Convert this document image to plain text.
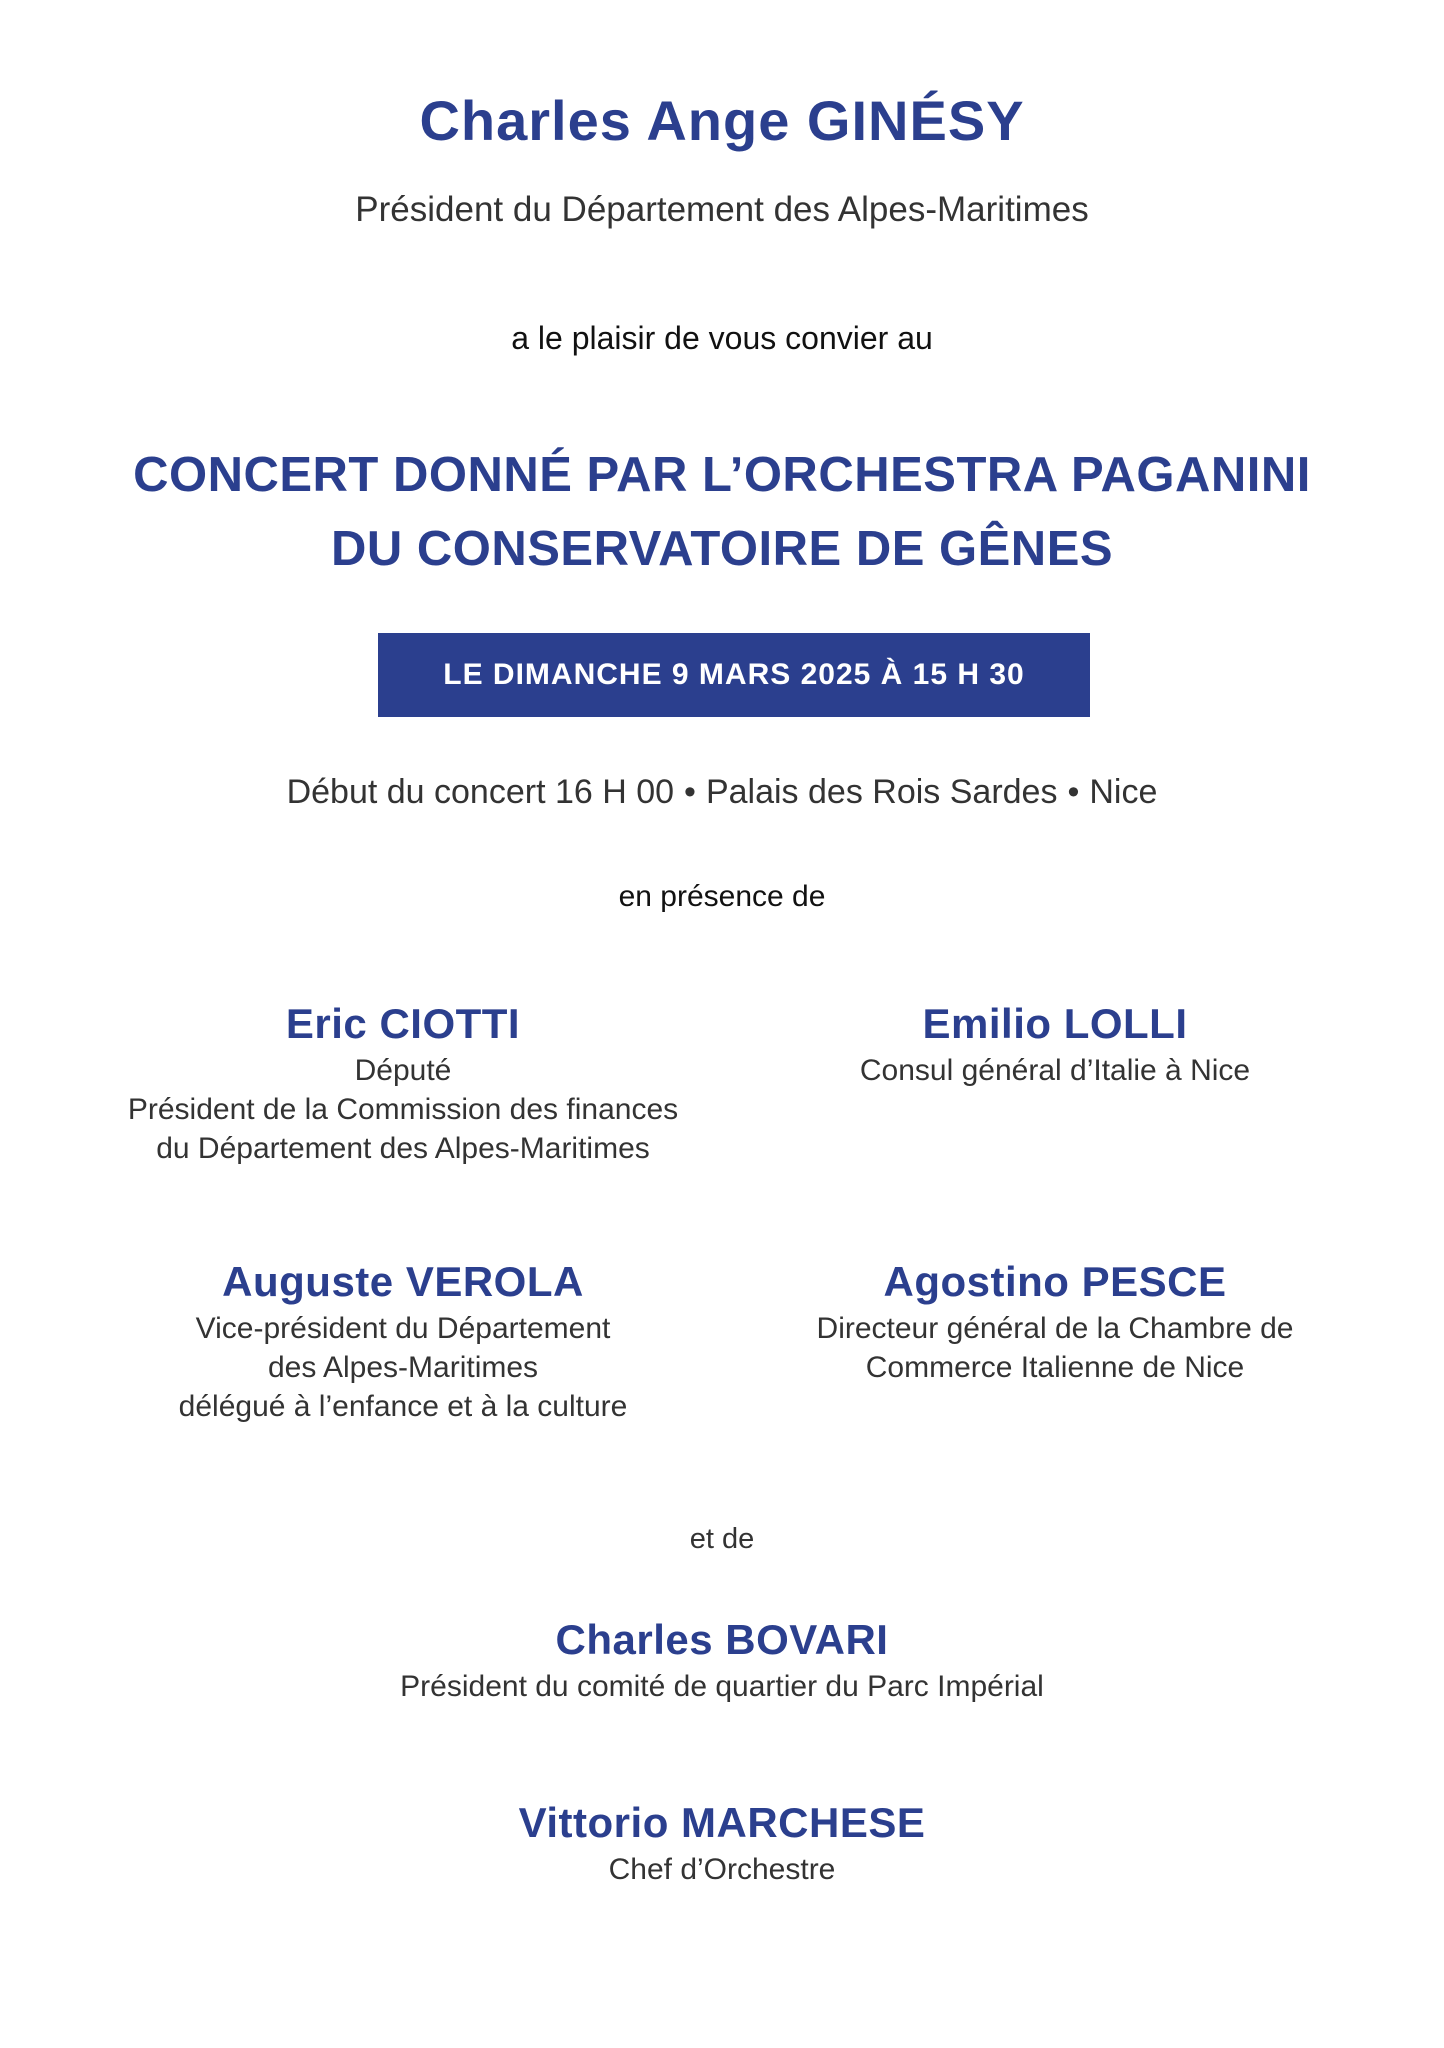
Charles Ange GINÉSY
Président du Département des Alpes-Maritimes
a le plaisir de vous convier au
CONCERT DONNÉ PAR L’ORCHESTRA PAGANINI
DU CONSERVATOIRE DE GÊNES
LE DIMANCHE 9 MARS 2025 À 15 H 30
Début du concert 16 H 00 • Palais des Rois Sardes • Nice
en présence de
Eric CIOTTI
Député
Président de la Commission des finances
du Département des Alpes-Maritimes
Emilio LOLLI
Consul général d’Italie à Nice
Auguste VEROLA
Vice-président du Département
des Alpes-Maritimes
délégué à l’enfance et à la culture
Agostino PESCE
Directeur général de la Chambre de
Commerce Italienne de Nice
et de
Charles BOVARI
Président du comité de quartier du Parc Impérial
Vittorio MARCHESE
Chef d’Orchestre
